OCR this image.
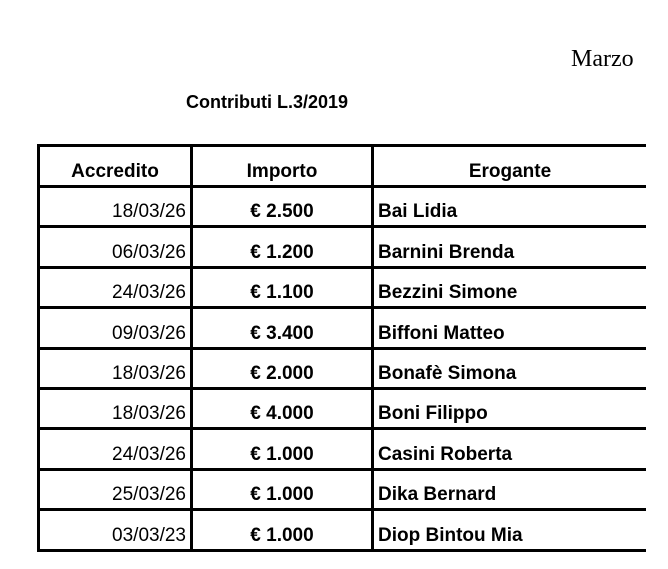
Marzo
Contributi L.3/2019
Accredito	Importo	Erogante
18/03/26	€ 2.500	Bai Lidia
06/03/26	€ 1.200	Barnini Brenda
24/03/26	€ 1.100	Bezzini Simone
09/03/26	€ 3.400	Biffoni Matteo
18/03/26	€ 2.000	Bonafè Simona
18/03/26	€ 4.000	Boni Filippo
24/03/26	€ 1.000	Casini Roberta
25/03/26	€ 1.000	Dika Bernard
03/03/23	€ 1.000	Diop Bintou Mia
